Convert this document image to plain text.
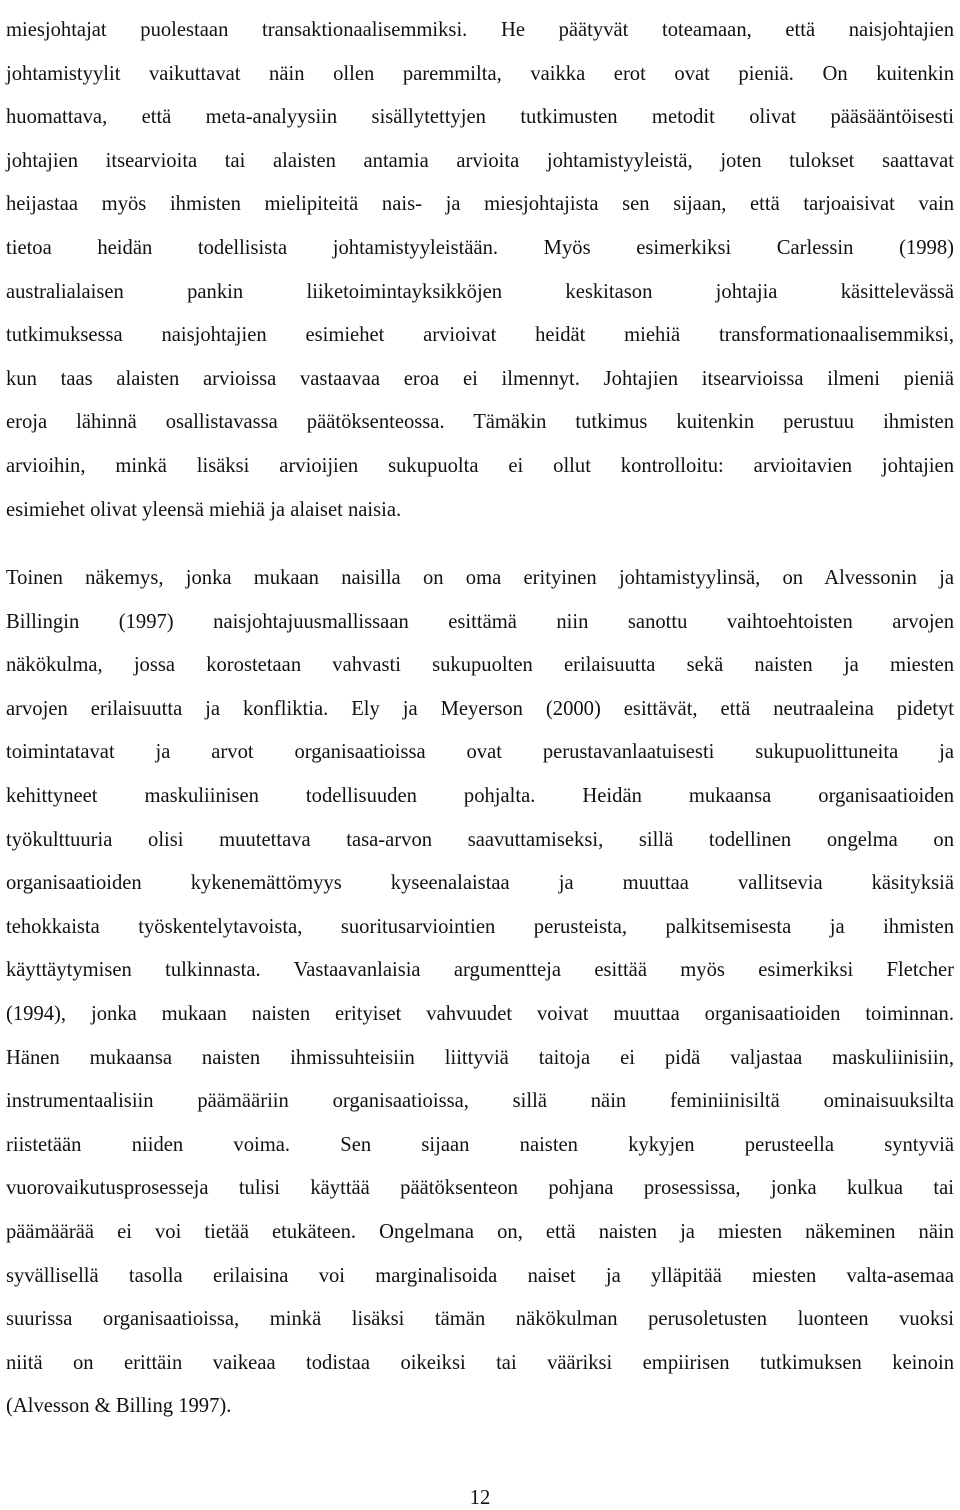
miesjohtajat puolestaan transaktionaalisemmiksi. He päätyvät toteamaan, että naisjohtajien
johtamistyylit vaikuttavat näin ollen paremmilta, vaikka erot ovat pieniä. On kuitenkin
huomattava, että meta-analyysiin sisällytettyjen tutkimusten metodit olivat pääsääntöisesti
johtajien itsearvioita tai alaisten antamia arvioita johtamistyyleistä, joten tulokset saattavat
heijastaa myös ihmisten mielipiteitä nais- ja miesjohtajista sen sijaan, että tarjoaisivat vain
tietoa heidän todellisista johtamistyyleistään. Myös esimerkiksi Carlessin (1998)
australialaisen pankin liiketoimintayksikköjen keskitason johtajia käsittelevässä
tutkimuksessa naisjohtajien esimiehet arvioivat heidät miehiä transformationaalisemmiksi,
kun taas alaisten arvioissa vastaavaa eroa ei ilmennyt. Johtajien itsearvioissa ilmeni pieniä
eroja lähinnä osallistavassa päätöksenteossa. Tämäkin tutkimus kuitenkin perustuu ihmisten
arvioihin, minkä lisäksi arvioijien sukupuolta ei ollut kontrolloitu: arvioitavien johtajien
esimiehet olivat yleensä miehiä ja alaiset naisia.
Toinen näkemys, jonka mukaan naisilla on oma erityinen johtamistyylinsä, on Alvessonin ja
Billingin (1997) naisjohtajuusmallissaan esittämä niin sanottu vaihtoehtoisten arvojen
näkökulma, jossa korostetaan vahvasti sukupuolten erilaisuutta sekä naisten ja miesten
arvojen erilaisuutta ja konfliktia. Ely ja Meyerson (2000) esittävät, että neutraaleina pidetyt
toimintatavat ja arvot organisaatioissa ovat perustavanlaatuisesti sukupuolittuneita ja
kehittyneet maskuliinisen todellisuuden pohjalta. Heidän mukaansa organisaatioiden
työkulttuuria olisi muutettava tasa-arvon saavuttamiseksi, sillä todellinen ongelma on
organisaatioiden kykenemättömyys kyseenalaistaa ja muuttaa vallitsevia käsityksiä
tehokkaista työskentelytavoista, suoritusarviointien perusteista, palkitsemisesta ja ihmisten
käyttäytymisen tulkinnasta. Vastaavanlaisia argumentteja esittää myös esimerkiksi Fletcher
(1994), jonka mukaan naisten erityiset vahvuudet voivat muuttaa organisaatioiden toiminnan.
Hänen mukaansa naisten ihmissuhteisiin liittyviä taitoja ei pidä valjastaa maskuliinisiin,
instrumentaalisiin päämääriin organisaatioissa, sillä näin feminiinisiltä ominaisuuksilta
riistetään niiden voima. Sen sijaan naisten kykyjen perusteella syntyviä
vuorovaikutusprosesseja tulisi käyttää päätöksenteon pohjana prosessissa, jonka kulkua tai
päämäärää ei voi tietää etukäteen. Ongelmana on, että naisten ja miesten näkeminen näin
syvällisellä tasolla erilaisina voi marginalisoida naiset ja ylläpitää miesten valta-asemaa
suurissa organisaatioissa, minkä lisäksi tämän näkökulman perusoletusten luonteen vuoksi
niitä on erittäin vaikeaa todistaa oikeiksi tai vääriksi empiirisen tutkimuksen keinoin
(Alvesson & Billing 1997).
12
